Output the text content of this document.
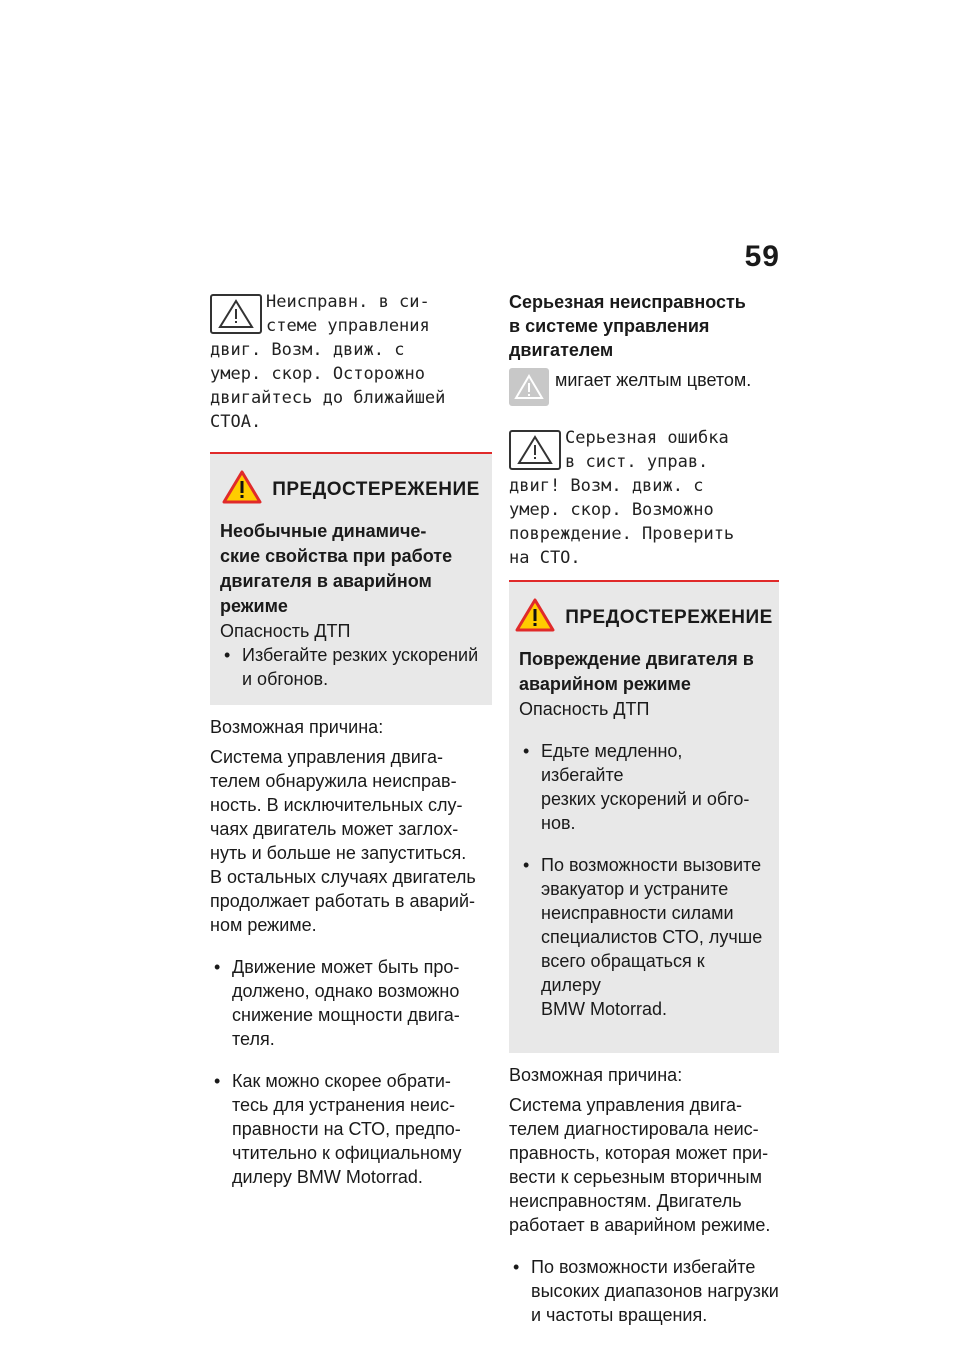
59
Неисправн. в си-
стеме управления
двиг. Возм. движ. с
умер. скор. Осторожно
двигайтесь до ближайшей
СТОА.
ПРЕДОСТЕРЕЖЕНИЕ
Необычные динамиче-
ские свойства при работе
двигателя в аварийном
режиме
Опасность ДТП
• Избегайте резких ускорений и обгонов.
Возможная причина:
Система управления двига-
телем обнаружила неисправ-
ность. В исключительных слу-
чаях двигатель может заглох-
нуть и больше не запуститься.
В остальных случаях двигатель
продолжает работать в аварий-
ном режиме.

• Движение может быть про-
должено, однако возможно
снижение мощности двига-
теля.

• Как можно скорее обрати-
тесь для устранения неис-
правности на СТО, предпо-
чтительно к официальному
дилеру BMW Motorrad.

Серьезная неисправность
в системе управления
двигателем
мигает желтым цветом.
Серьезная ошибка
в сист. управ.
двиг! Возм. движ. с
умер. скор. Возможно
повреждение. Проверить
на СТО.
ПРЕДОСТЕРЕЖЕНИЕ
Повреждение двигателя в
аварийном режиме
Опасность ДТП

• Едьте медленно, избегайте
резких ускорений и обго-
нов.

• По возможности вызовите
эвакуатор и устраните
неисправности силами
специалистов СТО, лучше
всего обращаться к дилеру
BMW Motorrad.

Возможная причина:
Система управления двига-
телем диагностировала неис-
правность, которая может при-
вести к серьезным вторичным
неисправностям. Двигатель
работает в аварийном режиме.

• По возможности избегайте
высоких диапазонов нагрузки
и частоты вращения.
